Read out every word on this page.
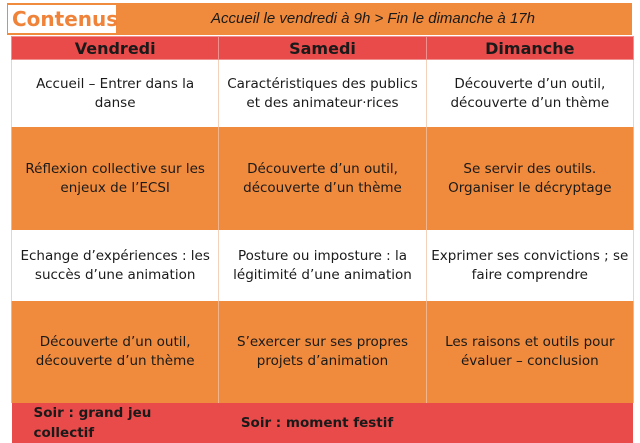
Contenus	Accueil le vendredi à 9h > Fin le dimanche à 17h
Vendredi	Samedi	Dimanche
Accueil – Entrer dans la danse	Caractéristiques des publics et des animateur·rices	Découverte d’un outil, découverte d’un thème
Réflexion collective sur les enjeux de l’ECSI	Découverte d’un outil, découverte d’un thème	Se servir des outils. Organiser le décryptage
Echange d’expériences : les succès d’une animation	Posture ou imposture : la légitimité d’une animation	Exprimer ses convictions ; se faire comprendre
Découverte d’un outil, découverte d’un thème	S’exercer sur ses propres projets d’animation	Les raisons et outils pour évaluer – conclusion
Soir : grand jeu collectif	Soir : moment festif	
